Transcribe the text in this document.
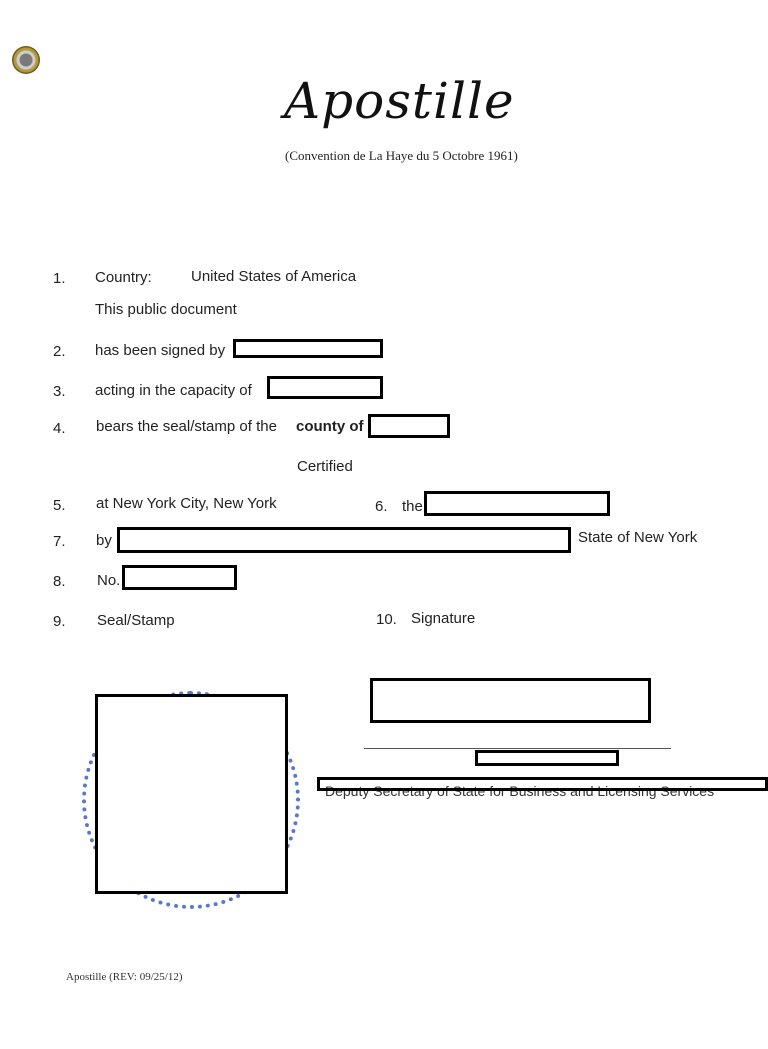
Apostille
(Convention de La Haye du 5 Octobre 1961)
1. Country:	United States of America
This public document
2. has been signed by
3. acting in the capacity of
4. bears the seal/stamp of the county of
Certified
5. at New York City, New York	6. the
7. by	State of New York
8. No.
9. Seal/Stamp	10. Signature
Deputy Secretary of State for Business and Licensing Services
Apostille (REV: 09/25/12)
